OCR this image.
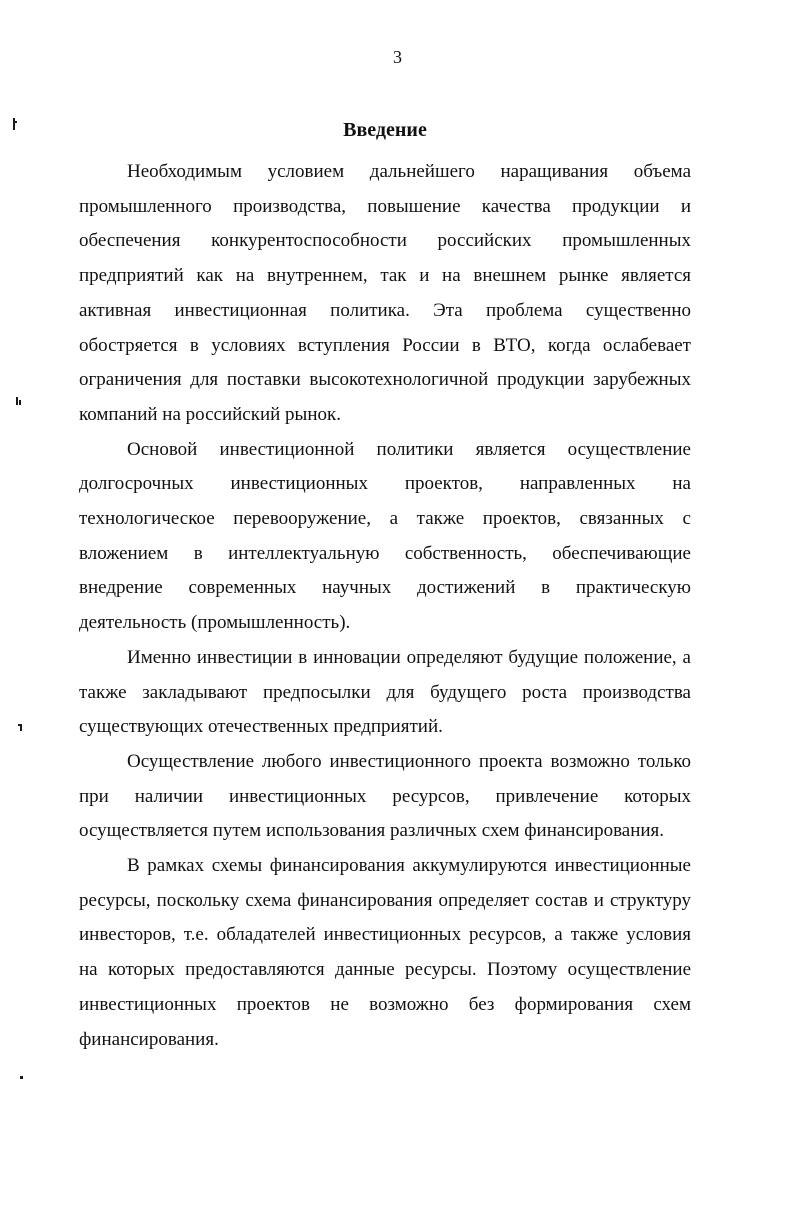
3
Введение

Необходимым условием дальнейшего наращивания объема промышленного производства, повышение качества продукции и обеспечения конкурентоспособности российских промышленных предприятий как на внутреннем, так и на внешнем рынке является активная инвестиционная политика. Эта проблема существенно обостряется в условиях вступления России в ВТО, когда ослабевает ограничения для поставки высокотехнологичной продукции зарубежных компаний на российский рынок.

Основой инвестиционной политики является осуществление долгосрочных инвестиционных проектов, направленных на технологическое перевооружение, а также проектов, связанных с вложением в интеллектуальную собственность, обеспечивающие внедрение современных научных достижений в практическую деятельность (промышленность).

Именно инвестиции в инновации определяют будущие положение, а также закладывают предпосылки для будущего роста производства существующих отечественных предприятий.

Осуществление любого инвестиционного проекта возможно только при наличии инвестиционных ресурсов, привлечение которых осуществляется путем использования различных схем финансирования.

В рамках схемы финансирования аккумулируются инвестиционные ресурсы, поскольку схема финансирования определяет состав и структуру инвесторов, т.е. обладателей инвестиционных ресурсов, а также условия на которых предоставляются данные ресурсы. Поэтому осуществление инвестиционных проектов не возможно без формирования схем финансирования.
